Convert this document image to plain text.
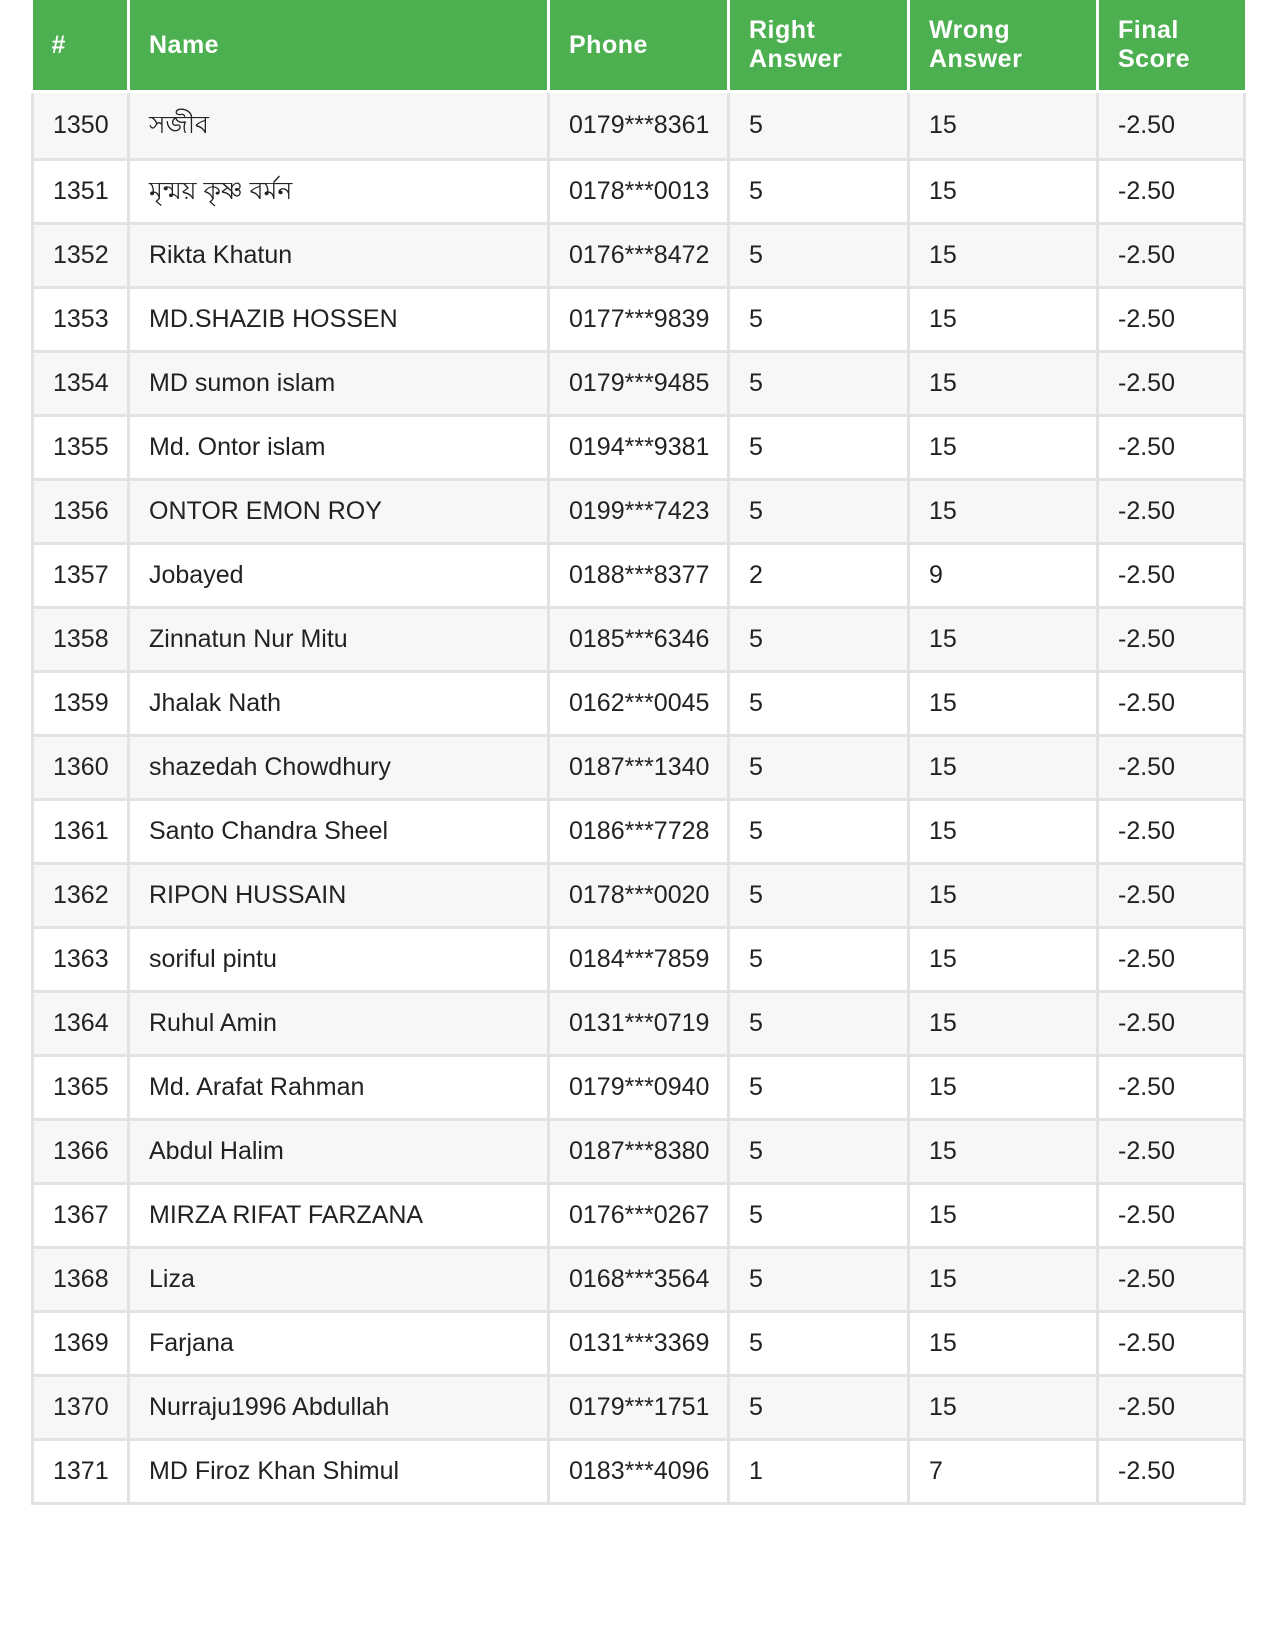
#	Name	Phone	Right Answer	Wrong Answer	Final Score
1350	সজীব	0179***8361	5	15	-2.50
1351	মৃন্ময় কৃষ্ণ বর্মন	0178***0013	5	15	-2.50
1352	Rikta Khatun	0176***8472	5	15	-2.50
1353	MD.SHAZIB HOSSEN	0177***9839	5	15	-2.50
1354	MD sumon islam	0179***9485	5	15	-2.50
1355	Md. Ontor islam	0194***9381	5	15	-2.50
1356	ONTOR EMON ROY	0199***7423	5	15	-2.50
1357	Jobayed	0188***8377	2	9	-2.50
1358	Zinnatun Nur Mitu	0185***6346	5	15	-2.50
1359	Jhalak Nath	0162***0045	5	15	-2.50
1360	shazedah Chowdhury	0187***1340	5	15	-2.50
1361	Santo Chandra Sheel	0186***7728	5	15	-2.50
1362	RIPON HUSSAIN	0178***0020	5	15	-2.50
1363	soriful pintu	0184***7859	5	15	-2.50
1364	Ruhul Amin	0131***0719	5	15	-2.50
1365	Md. Arafat Rahman	0179***0940	5	15	-2.50
1366	Abdul Halim	0187***8380	5	15	-2.50
1367	MIRZA RIFAT FARZANA	0176***0267	5	15	-2.50
1368	Liza	0168***3564	5	15	-2.50
1369	Farjana	0131***3369	5	15	-2.50
1370	Nurraju1996 Abdullah	0179***1751	5	15	-2.50
1371	MD Firoz Khan Shimul	0183***4096	1	7	-2.50
